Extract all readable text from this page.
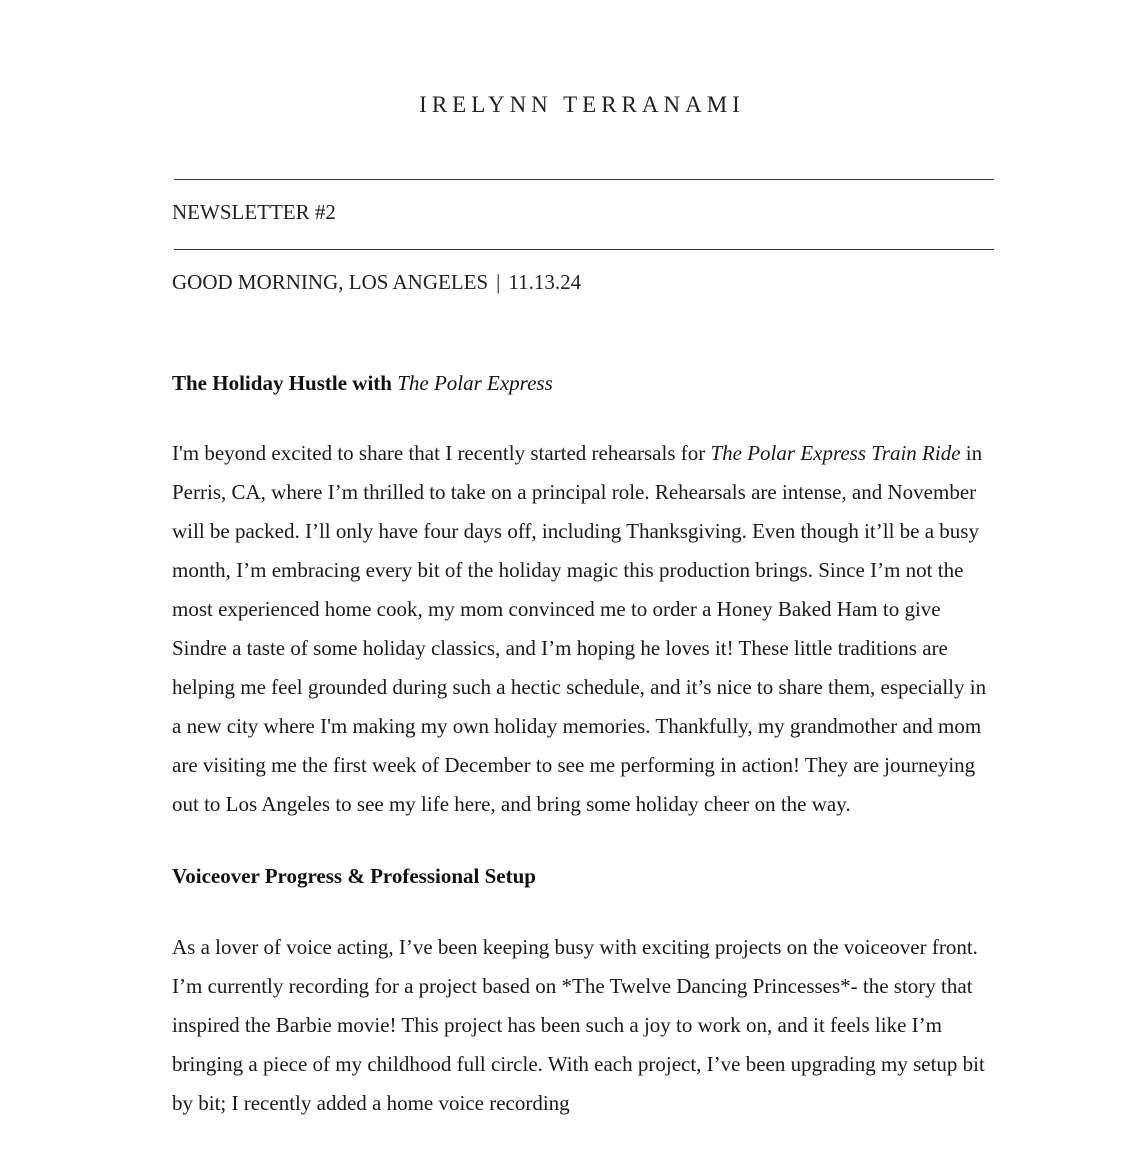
IRELYNN TERRANAMI

NEWSLETTER #2

GOOD MORNING, LOS ANGELES | 11.13.24

The Holiday Hustle with The Polar Express

I'm beyond excited to share that I recently started rehearsals for The Polar Express Train Ride in Perris, CA, where I’m thrilled to take on a principal role. Rehearsals are intense, and November will be packed. I’ll only have four days off, including Thanksgiving. Even though it’ll be a busy month, I’m embracing every bit of the holiday magic this production brings. Since I’m not the most experienced home cook, my mom convinced me to order a Honey Baked Ham to give Sindre a taste of some holiday classics, and I’m hoping he loves it! These little traditions are helping me feel grounded during such a hectic schedule, and it’s nice to share them, especially in a new city where I'm making my own holiday memories. Thankfully, my grandmother and mom are visiting me the first week of December to see me performing in action! They are journeying out to Los Angeles to see my life here, and bring some holiday cheer on the way.

Voiceover Progress & Professional Setup

As a lover of voice acting, I’ve been keeping busy with exciting projects on the voiceover front. I’m currently recording for a project based on *The Twelve Dancing Princesses*- the story that inspired the Barbie movie! This project has been such a joy to work on, and it feels like I’m bringing a piece of my childhood full circle. With each project, I’ve been upgrading my setup bit by bit; I recently added a home voice recording
